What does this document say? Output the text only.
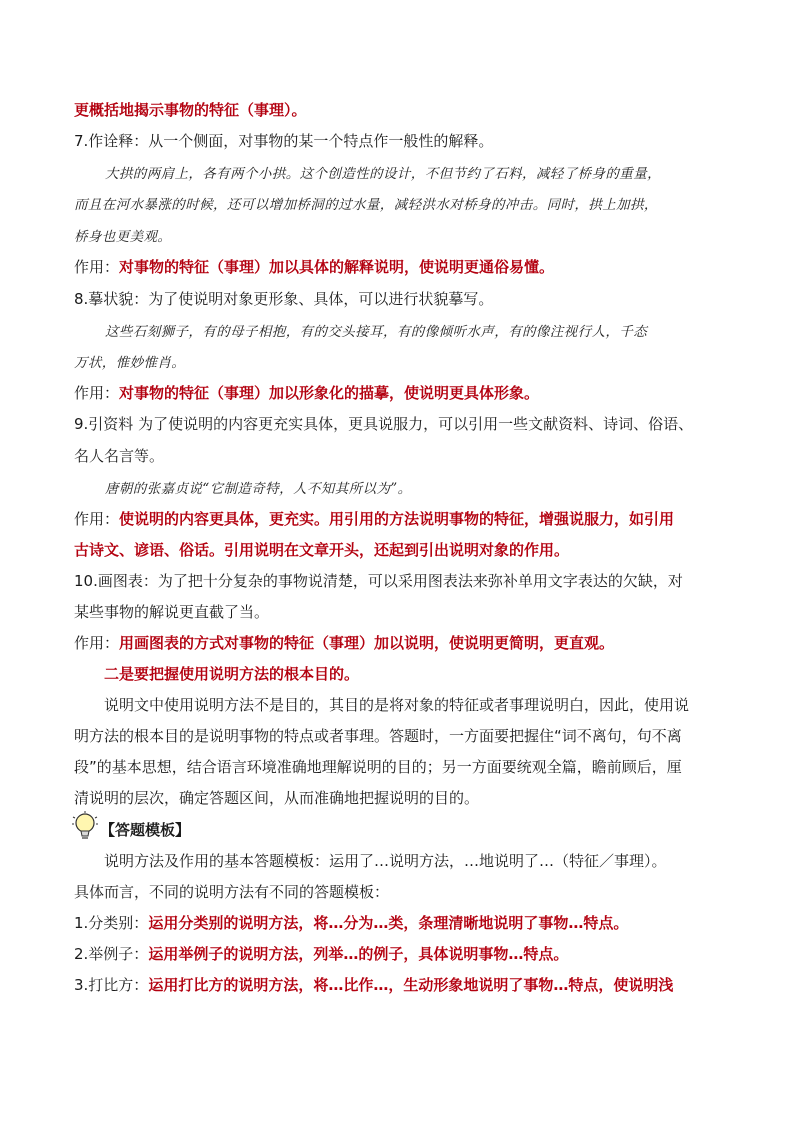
更概括地揭示事物的特征（事理）。
7.作诠释：从一个侧面，对事物的某一个特点作一般性的解释。
大拱的两肩上，各有两个小拱。这个创造性的设计，不但节约了石料，减轻了桥身的重量，
而且在河水暴涨的时候，还可以增加桥洞的过水量，减轻洪水对桥身的冲击。同时，拱上加拱，
桥身也更美观。
作用：对事物的特征（事理）加以具体的解释说明，使说明更通俗易懂。
8.摹状貌：为了使说明对象更形象、具体，可以进行状貌摹写。
这些石刻狮子，有的母子相抱，有的交头接耳，有的像倾听水声，有的像注视行人，千态
万状，惟妙惟肖。
作用：对事物的特征（事理）加以形象化的描摹，使说明更具体形象。
9.引资料 为了使说明的内容更充实具体，更具说服力，可以引用一些文献资料、诗词、俗语、
名人名言等。
唐朝的张嘉贞说“它制造奇特，人不知其所以为”。
作用：使说明的内容更具体，更充实。用引用的方法说明事物的特征，增强说服力，如引用
古诗文、谚语、俗话。引用说明在文章开头，还起到引出说明对象的作用。
10.画图表：为了把十分复杂的事物说清楚，可以采用图表法来弥补单用文字表达的欠缺，对
某些事物的解说更直截了当。
作用：用画图表的方式对事物的特征（事理）加以说明，使说明更简明，更直观。
二是要把握使用说明方法的根本目的。
说明文中使用说明方法不是目的，其目的是将对象的特征或者事理说明白，因此，使用说
明方法的根本目的是说明事物的特点或者事理。答题时，一方面要把握住“词不离句，句不离
段”的基本思想，结合语言环境准确地理解说明的目的；另一方面要统观全篇，瞻前顾后，厘
清说明的层次，确定答题区间，从而准确地把握说明的目的。
【答题模板】
说明方法及作用的基本答题模板：运用了…说明方法，…地说明了…（特征／事理）。
具体而言，不同的说明方法有不同的答题模板：
1.分类别：运用分类别的说明方法，将…分为…类，条理清晰地说明了事物…特点。
2.举例子：运用举例子的说明方法，列举…的例子，具体说明事物…特点。
3.打比方：运用打比方的说明方法，将…比作…，生动形象地说明了事物…特点，使说明浅
